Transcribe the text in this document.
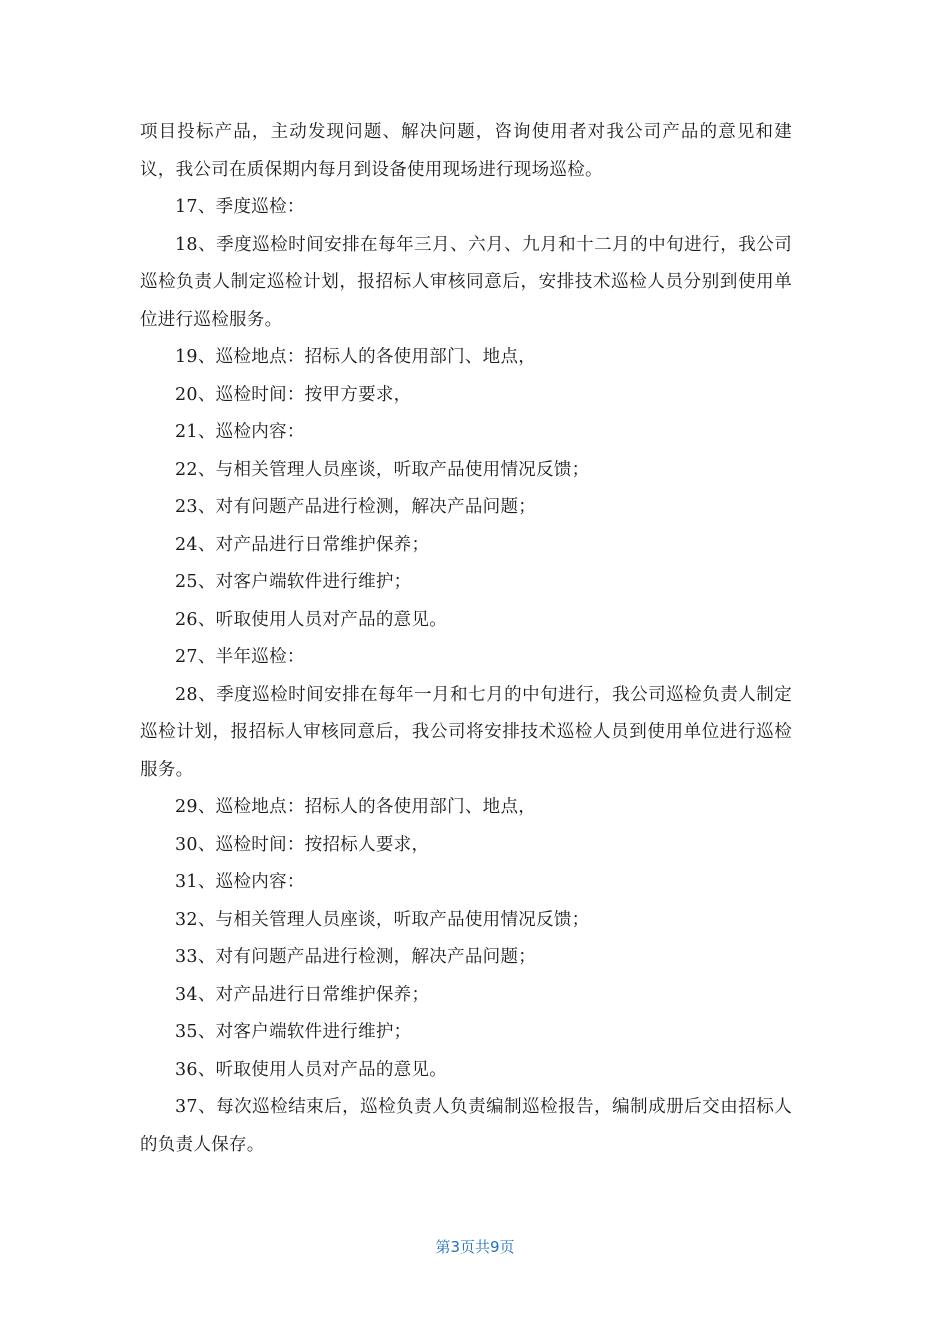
项目投标产品，主动发现问题、解决问题，咨询使用者对我公司产品的意见和建议，我公司在质保期内每月到设备使用现场进行现场巡检。

17、季度巡检：

18、季度巡检时间安排在每年三月、六月、九月和十二月的中旬进行，我公司巡检负责人制定巡检计划，报招标人审核同意后，安排技术巡检人员分别到使用单位进行巡检服务。

19、巡检地点：招标人的各使用部门、地点，

20、巡检时间：按甲方要求，

21、巡检内容：

22、与相关管理人员座谈，听取产品使用情况反馈；

23、对有问题产品进行检测，解决产品问题；

24、对产品进行日常维护保养；

25、对客户端软件进行维护；

26、听取使用人员对产品的意见。

27、半年巡检：

28、季度巡检时间安排在每年一月和七月的中旬进行，我公司巡检负责人制定巡检计划，报招标人审核同意后，我公司将安排技术巡检人员到使用单位进行巡检服务。

29、巡检地点：招标人的各使用部门、地点，

30、巡检时间：按招标人要求，

31、巡检内容：

32、与相关管理人员座谈，听取产品使用情况反馈；

33、对有问题产品进行检测，解决产品问题；

34、对产品进行日常维护保养；

35、对客户端软件进行维护；

36、听取使用人员对产品的意见。

37、每次巡检结束后，巡检负责人负责编制巡检报告，编制成册后交由招标人的负责人保存。

第3页共9页
